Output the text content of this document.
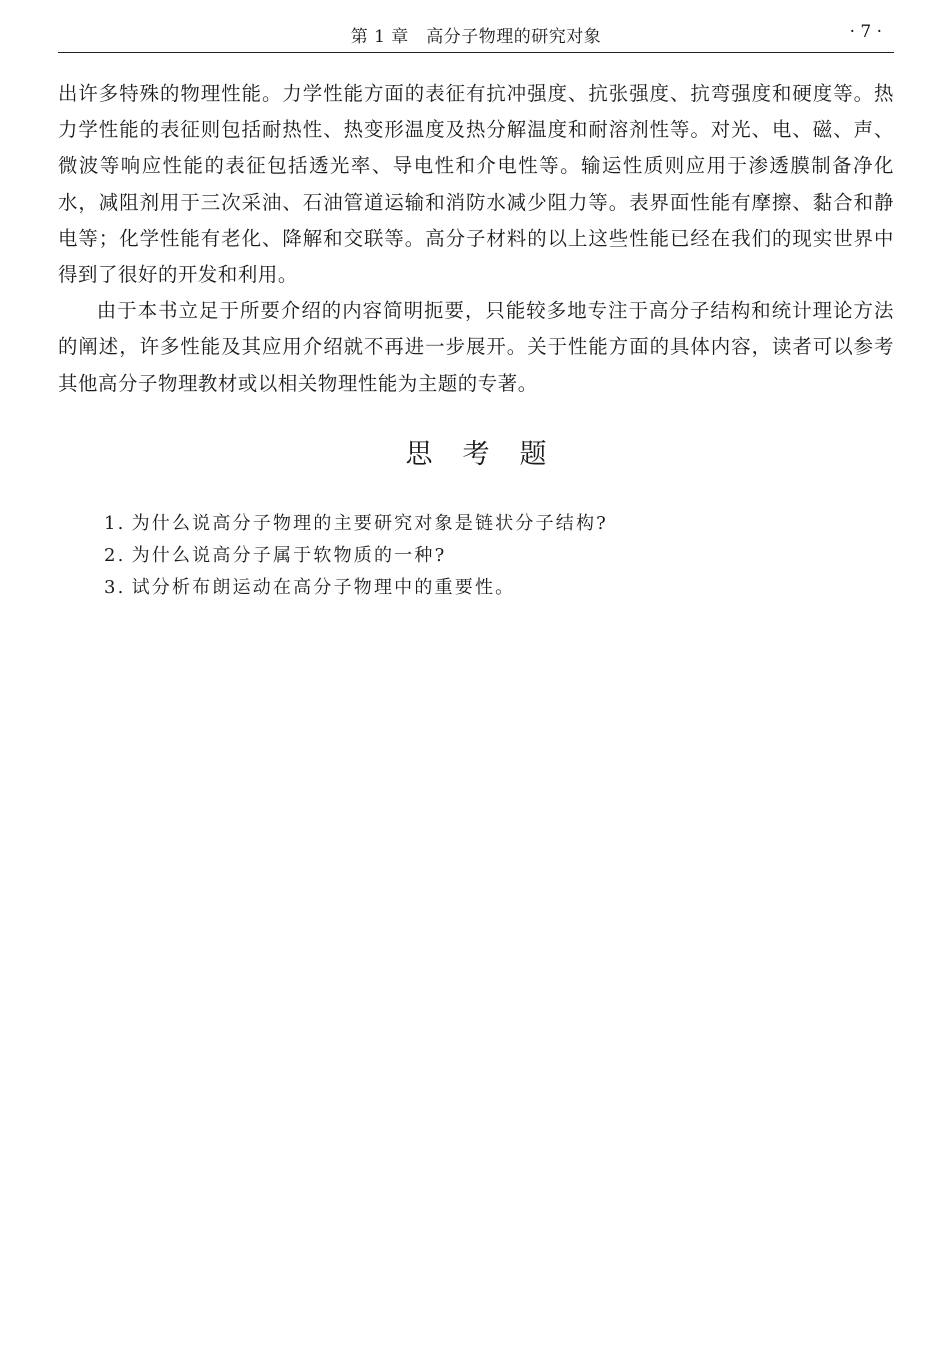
第 1 章　高分子物理的研究对象	· 7 ·

出许多特殊的物理性能。力学性能方面的表征有抗冲强度、抗张强度、抗弯强度和硬度等。热力学性能的表征则包括耐热性、热变形温度及热分解温度和耐溶剂性等。对光、电、磁、声、微波等响应性能的表征包括透光率、导电性和介电性等。输运性质则应用于渗透膜制备净化水，减阻剂用于三次采油、石油管道运输和消防水减少阻力等。表界面性能有摩擦、黏合和静电等；化学性能有老化、降解和交联等。高分子材料的以上这些性能已经在我们的现实世界中得到了很好的开发和利用。

由于本书立足于所要介绍的内容简明扼要，只能较多地专注于高分子结构和统计理论方法的阐述，许多性能及其应用介绍就不再进一步展开。关于性能方面的具体内容，读者可以参考其他高分子物理教材或以相关物理性能为主题的专著。

思考题
1. 为什么说高分子物理的主要研究对象是链状分子结构?
2. 为什么说高分子属于软物质的一种?
3. 试分析布朗运动在高分子物理中的重要性。
